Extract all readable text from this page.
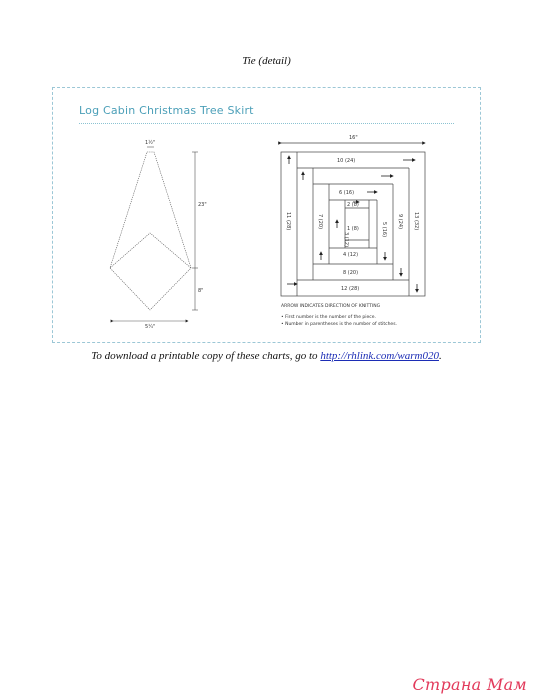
Tie (detail)
Log Cabin Christmas Tree Skirt
1½"
23"
8"
5¼"
1 (8)
2 (8)
3 (12)
4 (12)
5 (16)
6 (16)
7 (20)
8 (20)
9 (24)
10 (24)
11 (28)
12 (28)
13 (32)
16"
ARROW INDICATES DIRECTION OF KNITTING
• First number is the number of the piece.
• Number in parentheses is the number of stitches.
To download a printable copy of these charts, go to http://rhlink.com/warm020.
Страна Мам
